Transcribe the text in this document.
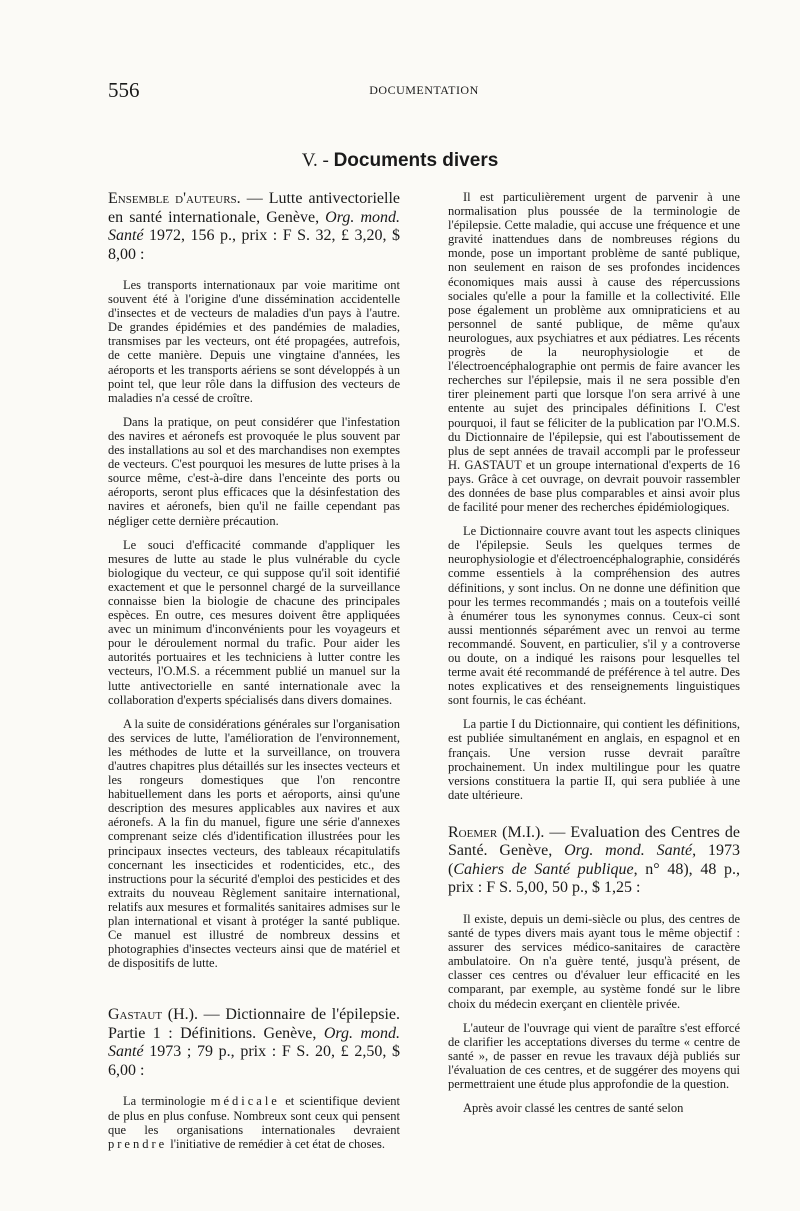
556	DOCUMENTATION
V. - Documents divers

Ensemble d'auteurs. — Lutte antivectorielle en santé internationale, Genève, Org. mond. Santé 1972, 156 p., prix : F S. 32, £ 3,20, $ 8,00 :

Les transports internationaux par voie maritime ont souvent été à l'origine d'une dissémination accidentelle d'insectes et de vecteurs de maladies d'un pays à l'autre. De grandes épidémies et des pandémies de maladies, transmises par les vecteurs, ont été propagées, autrefois, de cette manière. Depuis une vingtaine d'années, les aéroports et les transports aériens se sont développés à un point tel, que leur rôle dans la diffusion des vecteurs de maladies n'a cessé de croître.

Dans la pratique, on peut considérer que l'infestation des navires et aéronefs est provoquée le plus souvent par des installations au sol et des marchandises non exemptes de vecteurs. C'est pourquoi les mesures de lutte prises à la source même, c'est-à-dire dans l'enceinte des ports ou aéroports, seront plus efficaces que la désinfestation des navires et aéronefs, bien qu'il ne faille cependant pas négliger cette dernière précaution.

Le souci d'efficacité commande d'appliquer les mesures de lutte au stade le plus vulnérable du cycle biologique du vecteur, ce qui suppose qu'il soit identifié exactement et que le personnel chargé de la surveillance connaisse bien la biologie de chacune des principales espèces. En outre, ces mesures doivent être appliquées avec un minimum d'inconvénients pour les voyageurs et pour le déroulement normal du trafic. Pour aider les autorités portuaires et les techniciens à lutter contre les vecteurs, l'O.M.S. a récemment publié un manuel sur la lutte antivectorielle en santé internationale avec la collaboration d'experts spécialisés dans divers domaines.

A la suite de considérations générales sur l'organisation des services de lutte, l'amélioration de l'environnement, les méthodes de lutte et la surveillance, on trouvera d'autres chapitres plus détaillés sur les insectes vecteurs et les rongeurs domestiques que l'on rencontre habituellement dans les ports et aéroports, ainsi qu'une description des mesures applicables aux navires et aux aéronefs. A la fin du manuel, figure une série d'annexes comprenant seize clés d'identification illustrées pour les principaux insectes vecteurs, des tableaux récapitulatifs concernant les insecticides et rodenticides, etc., des instructions pour la sécurité d'emploi des pesticides et des extraits du nouveau Règlement sanitaire international, relatifs aux mesures et formalités sanitaires admises sur le plan international et visant à protéger la santé publique. Ce manuel est illustré de nombreux dessins et photographies d'insectes vecteurs ainsi que de matériel et de dispositifs de lutte.

Gastaut (H.). — Dictionnaire de l'épilepsie. Partie 1 : Définitions. Genève, Org. mond. Santé 1973 ; 79 p., prix : F S. 20, £ 2,50, $ 6,00 :

La terminologie médicale et scientifique devient de plus en plus confuse. Nombreux sont ceux qui pensent que les organisations internationales devraient prendre l'initiative de remédier à cet état de choses.

Il est particulièrement urgent de parvenir à une normalisation plus poussée de la terminologie de l'épilepsie. Cette maladie, qui accuse une fréquence et une gravité inattendues dans de nombreuses régions du monde, pose un important problème de santé publique, non seulement en raison de ses profondes incidences économiques mais aussi à cause des répercussions sociales qu'elle a pour la famille et la collectivité. Elle pose également un problème aux omnipraticiens et au personnel de santé publique, de même qu'aux neurologues, aux psychiatres et aux pédiatres. Les récents progrès de la neurophysiologie et de l'électroencéphalographie ont permis de faire avancer les recherches sur l'épilepsie, mais il ne sera possible d'en tirer pleinement parti que lorsque l'on sera arrivé à une entente au sujet des principales définitions I. C'est pourquoi, il faut se féliciter de la publication par l'O.M.S. du Dictionnaire de l'épilepsie, qui est l'aboutissement de plus de sept années de travail accompli par le professeur H. GASTAUT et un groupe international d'experts de 16 pays. Grâce à cet ouvrage, on devrait pouvoir rassembler des données de base plus comparables et ainsi avoir plus de facilité pour mener des recherches épidémiologiques.

Le Dictionnaire couvre avant tout les aspects cliniques de l'épilepsie. Seuls les quelques termes de neurophysiologie et d'électroencéphalographie, considérés comme essentiels à la compréhension des autres définitions, y sont inclus. On ne donne une définition que pour les termes recommandés ; mais on a toutefois veillé à énumérer tous les synonymes connus. Ceux-ci sont aussi mentionnés séparément avec un renvoi au terme recommandé. Souvent, en particulier, s'il y a controverse ou doute, on a indiqué les raisons pour lesquelles tel terme avait été recommandé de préférence à tel autre. Des notes explicatives et des renseignements linguistiques sont fournis, le cas échéant.

La partie I du Dictionnaire, qui contient les définitions, est publiée simultanément en anglais, en espagnol et en français. Une version russe devrait paraître prochainement. Un index multilingue pour les quatre versions constituera la partie II, qui sera publiée à une date ultérieure.

Roemer (M.I.). — Evaluation des Centres de Santé. Genève, Org. mond. Santé, 1973 (Cahiers de Santé publique, n° 48), 48 p., prix : F S. 5,00, 50 p., $ 1,25 :

Il existe, depuis un demi-siècle ou plus, des centres de santé de types divers mais ayant tous le même objectif : assurer des services médico-sanitaires de caractère ambulatoire. On n'a guère tenté, jusqu'à présent, de classer ces centres ou d'évaluer leur efficacité en les comparant, par exemple, au système fondé sur le libre choix du médecin exerçant en clientèle privée.

L'auteur de l'ouvrage qui vient de paraître s'est efforcé de clarifier les acceptations diverses du terme « centre de santé », de passer en revue les travaux déjà publiés sur l'évaluation de ces centres, et de suggérer des moyens qui permettraient une étude plus approfondie de la question.

Après avoir classé les centres de santé selon
